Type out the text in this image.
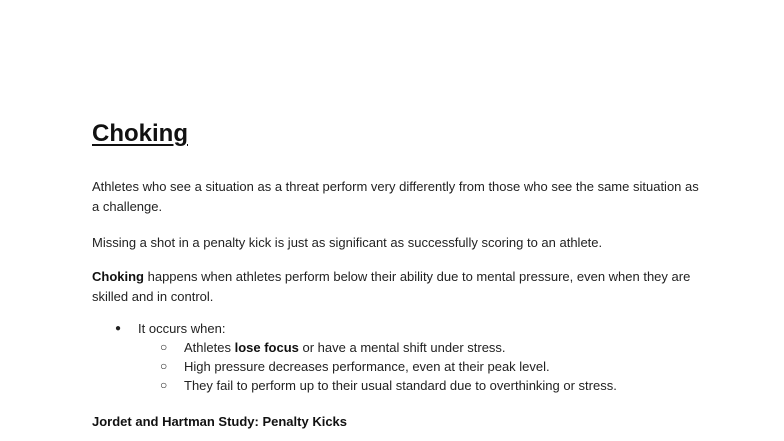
Choking

Athletes who see a situation as a threat perform very differently from those who see the same situation as a challenge.

Missing a shot in a penalty kick is just as significant as successfully scoring to an athlete.

Choking happens when athletes perform below their ability due to mental pressure, even when they are skilled and in control.

● It occurs when:
○ Athletes lose focus or have a mental shift under stress.
○ High pressure decreases performance, even at their peak level.
○ They fail to perform up to their usual standard due to overthinking or stress.
Jordet and Hartman Study: Penalty Kicks
